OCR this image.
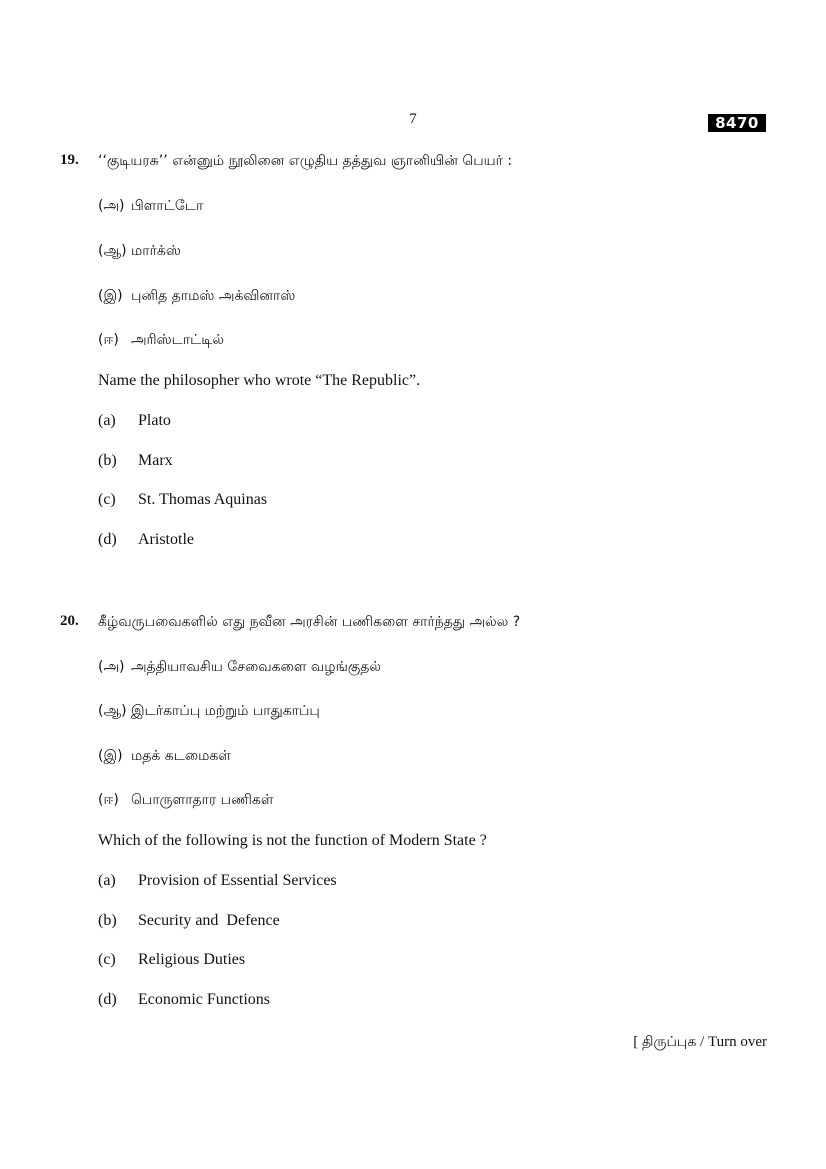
7	8470
19. ‘‘குடியரசு’’ என்னும் நூலினை எழுதிய தத்துவ ஞானியின் பெயர் :
(அ) பிளாட்டோ
(ஆ) மார்க்ஸ்
(இ) புனித தாமஸ் அக்வினாஸ்
(ஈ) அரிஸ்டாட்டில்
Name the philosopher who wrote “The Republic”.
(a) Plato
(b) Marx
(c) St. Thomas Aquinas
(d) Aristotle
20. கீழ்வருபவைகளில் எது நவீன அரசின் பணிகளை சார்ந்தது அல்ல ?
(அ) அத்தியாவசிய சேவைகளை வழங்குதல்
(ஆ) இடர்காப்பு மற்றும் பாதுகாப்பு
(இ) மதக் கடமைகள்
(ஈ) பொருளாதார பணிகள்
Which of the following is not the function of Modern State ?
(a) Provision of Essential Services
(b) Security and  Defence
(c) Religious Duties
(d) Economic Functions
[ திருப்புக / Turn over
